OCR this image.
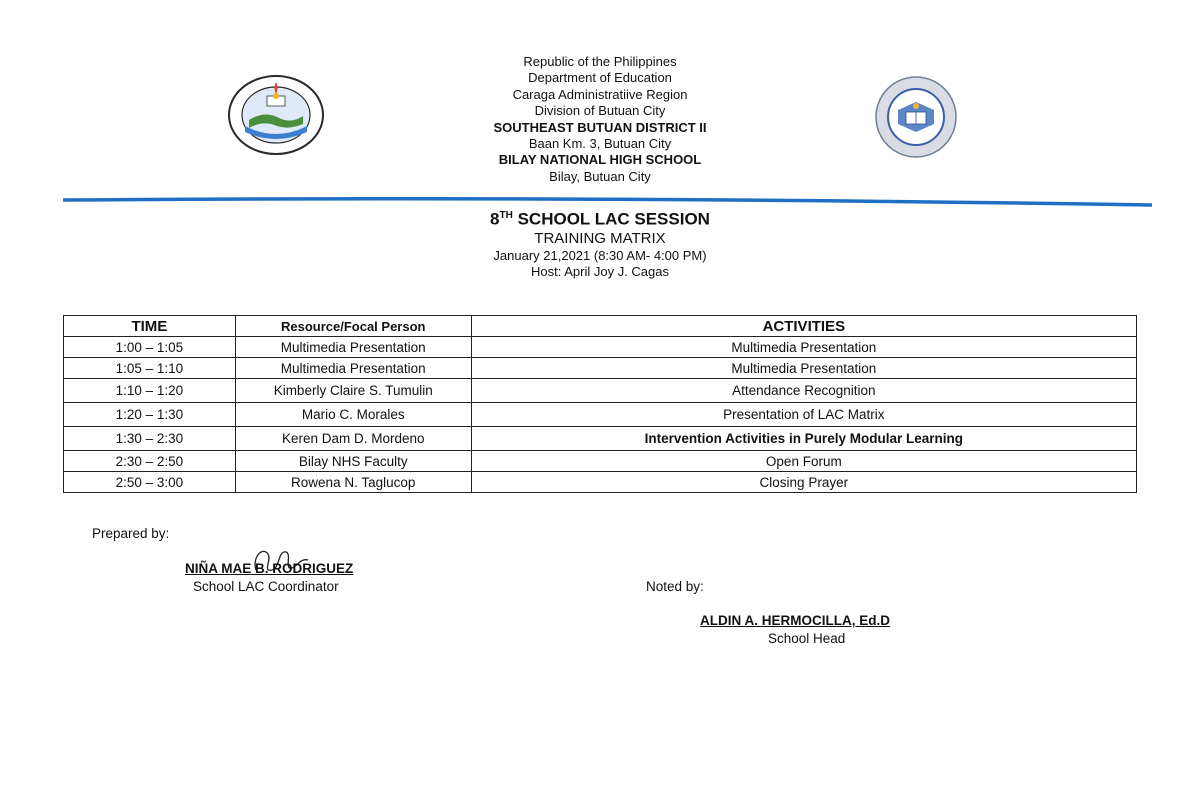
Republic of the Philippines
Department of Education
Caraga Administratiive Region
Division of Butuan City
SOUTHEAST BUTUAN DISTRICT II
Baan Km. 3, Butuan City
BILAY NATIONAL HIGH SCHOOL
Bilay, Butuan City
8TH SCHOOL LAC SESSION
TRAINING MATRIX
January 21,2021 (8:30 AM- 4:00 PM)
Host: April Joy J. Cagas
TIME	Resource/Focal Person	ACTIVITIES
1:00 – 1:05	Multimedia Presentation	Multimedia Presentation
1:05 – 1:10	Multimedia Presentation	Multimedia Presentation
1:10 – 1:20	Kimberly Claire S. Tumulin	Attendance Recognition
1:20 – 1:30	Mario C. Morales	Presentation of LAC Matrix
1:30 – 2:30	Keren Dam D. Mordeno	Intervention Activities in Purely Modular Learning
2:30 – 2:50	Bilay NHS Faculty	Open Forum
2:50 – 3:00	Rowena N. Taglucop	Closing Prayer
Prepared by:
NIÑA MAE B. RODRIGUEZ
School LAC Coordinator	Noted by:
ALDIN A. HERMOCILLA, Ed.D
School Head
